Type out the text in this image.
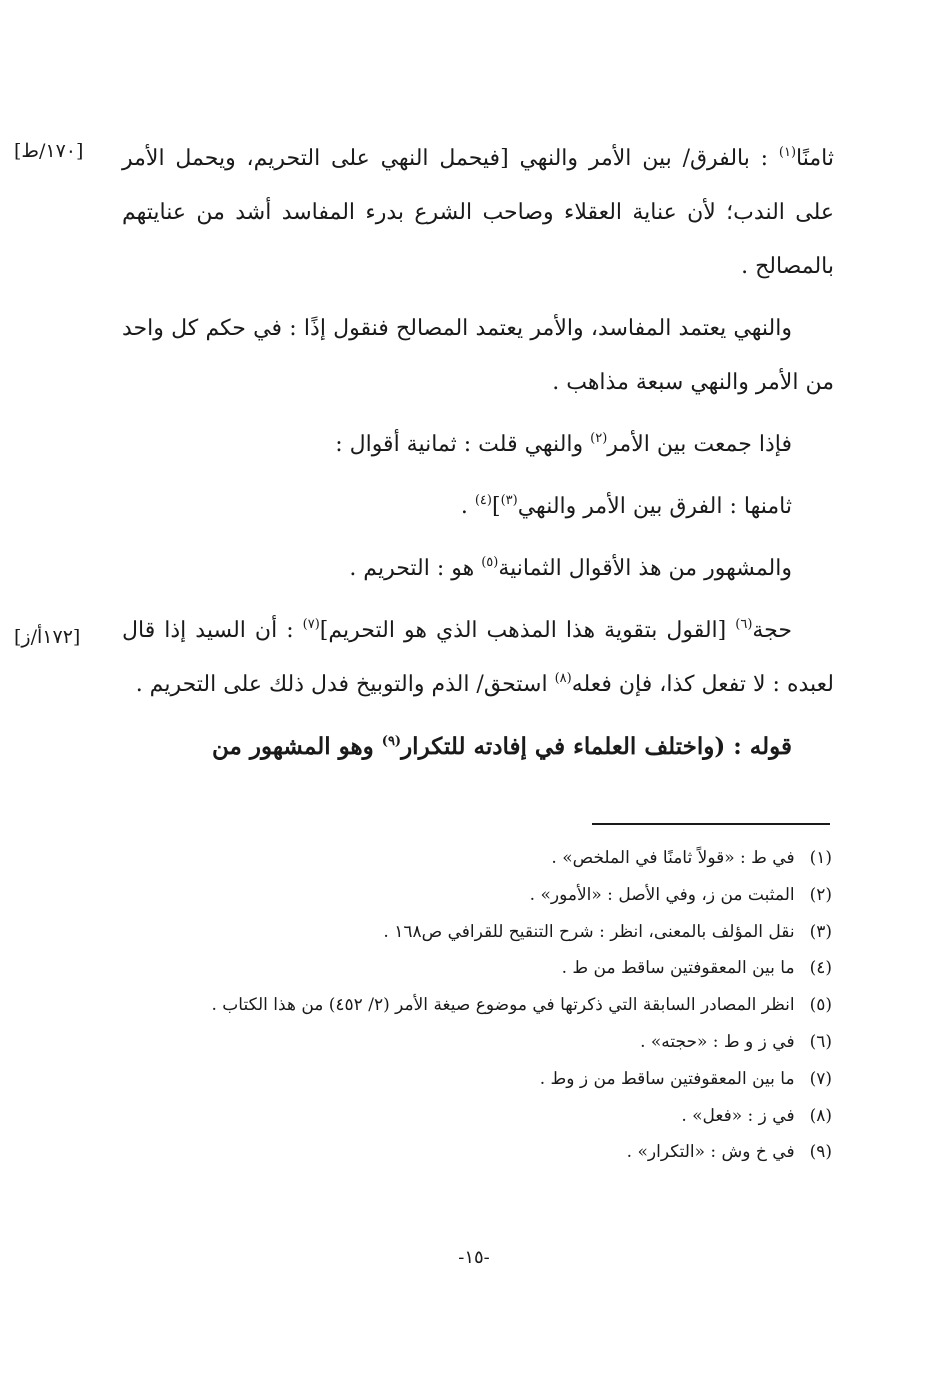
[١٧٠/ط]
[١٧٢أ/ز]

ثامنًا$^{(١)}$ : بالفرق/ بين الأمر والنهي [فيحمل النهي على التحريم، ويحمل الأمر على الندب؛ لأن عناية العقلاء وصاحب الشرع بدرء المفاسد أشد من عنايتهم بالمصالح .

والنهي يعتمد المفاسد، والأمر يعتمد المصالح فنقول إذًا : في حكم كل واحد من الأمر والنهي سبعة مذاهب .

فإذا جمعت بين الأمر$^{(٢)}$ والنهي قلت : ثمانية أقوال :

ثامنها : الفرق بين الأمر والنهي$^{(٣)}$]$^{(٤)}$ .

والمشهور من هذ الأقوال الثمانية$^{(٥)}$ هو : التحريم .

حجة$^{(٦)}$ [القول بتقوية هذا المذهب الذي هو التحريم]$^{(٧)}$ : أن السيد إذا قال لعبده : لا تفعل كذا، فإن فعله$^{(٨)}$ استحق/ الذم والتوبيخ فدل ذلك على التحريم .

قوله : (واختلف العلماء في إفادته للتكرار$^{(٩)}$ وهو المشهور من

(١) في ط : «قولاً ثامنًا في الملخص» .
(٢) المثبت من ز، وفي الأصل : «الأمور» .
(٣) نقل المؤلف بالمعنى، انظر : شرح التنقيح للقرافي ص١٦٨ .
(٤) ما بين المعقوفتين ساقط من ط .
(٥) انظر المصادر السابقة التي ذكرتها في موضوع صيغة الأمر (٢/ ٤٥٢) من هذا الكتاب .
(٦) في ز و ط : «حجته» .
(٧) ما بين المعقوفتين ساقط من ز وط .
(٨) في ز : «فعل» .
(٩) في خ وش : «التكرار» .
-١٥-
